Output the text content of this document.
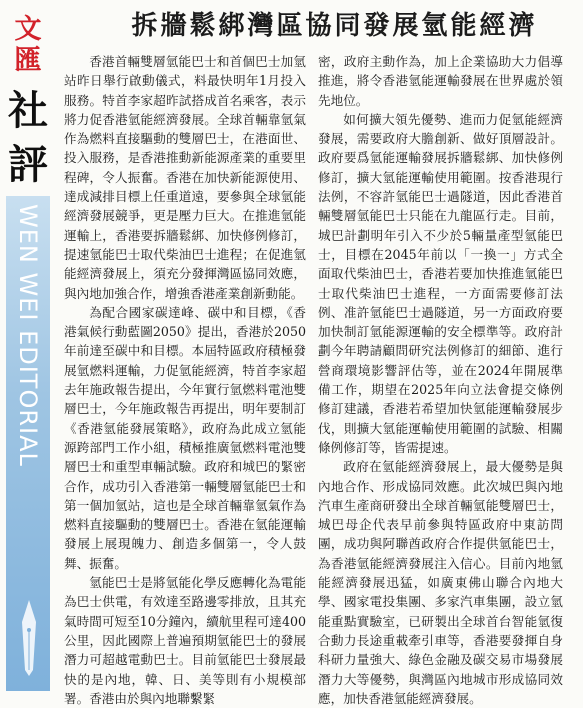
文匯
社評
WEN WEI EDITORIAL
拆牆鬆綁灣區協同發展氫能經濟

香港首輛雙層氫能巴士和首個巴士加氫站昨日舉行啟動儀式，料最快明年1月投入服務。特首李家超昨試搭成首名乘客，表示將力促香港氫能經濟發展。全球首輛靠氫氣作為燃料直接驅動的雙層巴士，在港面世、投入服務，是香港推動新能源產業的重要里程碑，令人振奮。香港在加快新能源使用、達成減排目標上任重道遠，要參與全球氫能經濟發展競爭，更是壓力巨大。在推進氫能運輸上，香港要拆牆鬆綁、加快修例修訂，提速氫能巴士取代柴油巴士進程；在促進氫能經濟發展上，須充分發揮灣區協同效應，與內地加強合作，增強香港產業創新動能。

為配合國家碳達峰、碳中和目標，《香港氣候行動藍圖2050》提出，香港於2050年前達至碳中和目標。本屆特區政府積極發展氫燃料運輸，力促氫能經濟，特首李家超去年施政報告提出，今年實行氫燃料電池雙層巴士，今年施政報告再提出，明年要制訂《香港氫能發展策略》，政府為此成立氫能源跨部門工作小組，積極推廣氫燃料電池雙層巴士和重型車輛試驗。政府和城巴的緊密合作，成功引入香港第一輛雙層氫能巴士和第一個加氫站，這也是全球首輛靠氫氣作為燃料直接驅動的雙層巴士。香港在氫能運輸發展上展現魄力、創造多個第一，令人鼓舞、振奮。

氫能巴士是將氫能化學反應轉化為電能為巴士供電，有效達至路邊零排放，且其充氣時間可短至10分鐘內，續航里程可達400公里，因此國際上普遍預期氫能巴士的發展潛力可超越電動巴士。目前氫能巴士發展最快的是內地，韓、日、美等則有小規模部署。香港由於與內地聯繫緊

密，政府主動作為，加上企業協助大力倡導推進，將令香港氫能運輸發展在世界處於領先地位。

如何擴大領先優勢、進而力促氫能經濟發展，需要政府大膽創新、做好頂層設計。政府要爲氫能運輸發展拆牆鬆綁、加快修例修訂，擴大氫能運輸使用範圍。按香港現行法例，不容許氫能巴士過隧道，因此香港首輛雙層氫能巴士只能在九龍區行走。目前，城巴計劃明年引入不少於5輛量產型氫能巴士，目標在2045年前以「一換一」方式全面取代柴油巴士，香港若要加快推進氫能巴士取代柴油巴士進程，一方面需要修訂法例、准許氫能巴士過隧道，另一方面政府要加快制訂氫能源運輸的安全標準等。政府計劃今年聘請顧問研究法例修訂的細節、進行營商環境影響評估等，並在2024年開展準備工作，期望在2025年向立法會提交條例修訂建議，香港若希望加快氫能運輸發展步伐，則擴大氫能運輸使用範圍的試驗、相關條例修訂等，皆需提速。

政府在氫能經濟發展上，最大優勢是與內地合作、形成協同效應。此次城巴與內地汽車生產商研發出全球首輛氫能雙層巴士，城巴母企代表早前參與特區政府中東訪問團，成功與阿聯酋政府合作提供氫能巴士，為香港氫能經濟發展注入信心。目前內地氫能經濟發展迅猛，如廣東佛山聯合內地大學、國家電投集團、多家汽車集團，設立氫能重點實驗室，已研製出全球首台智能氫復合動力長途重載牽引車等，香港要發揮自身科研力量強大、綠色金融及碳交易市場發展潛力大等優勢，與灣區內地城市形成協同效應，加快香港氫能經濟發展。
